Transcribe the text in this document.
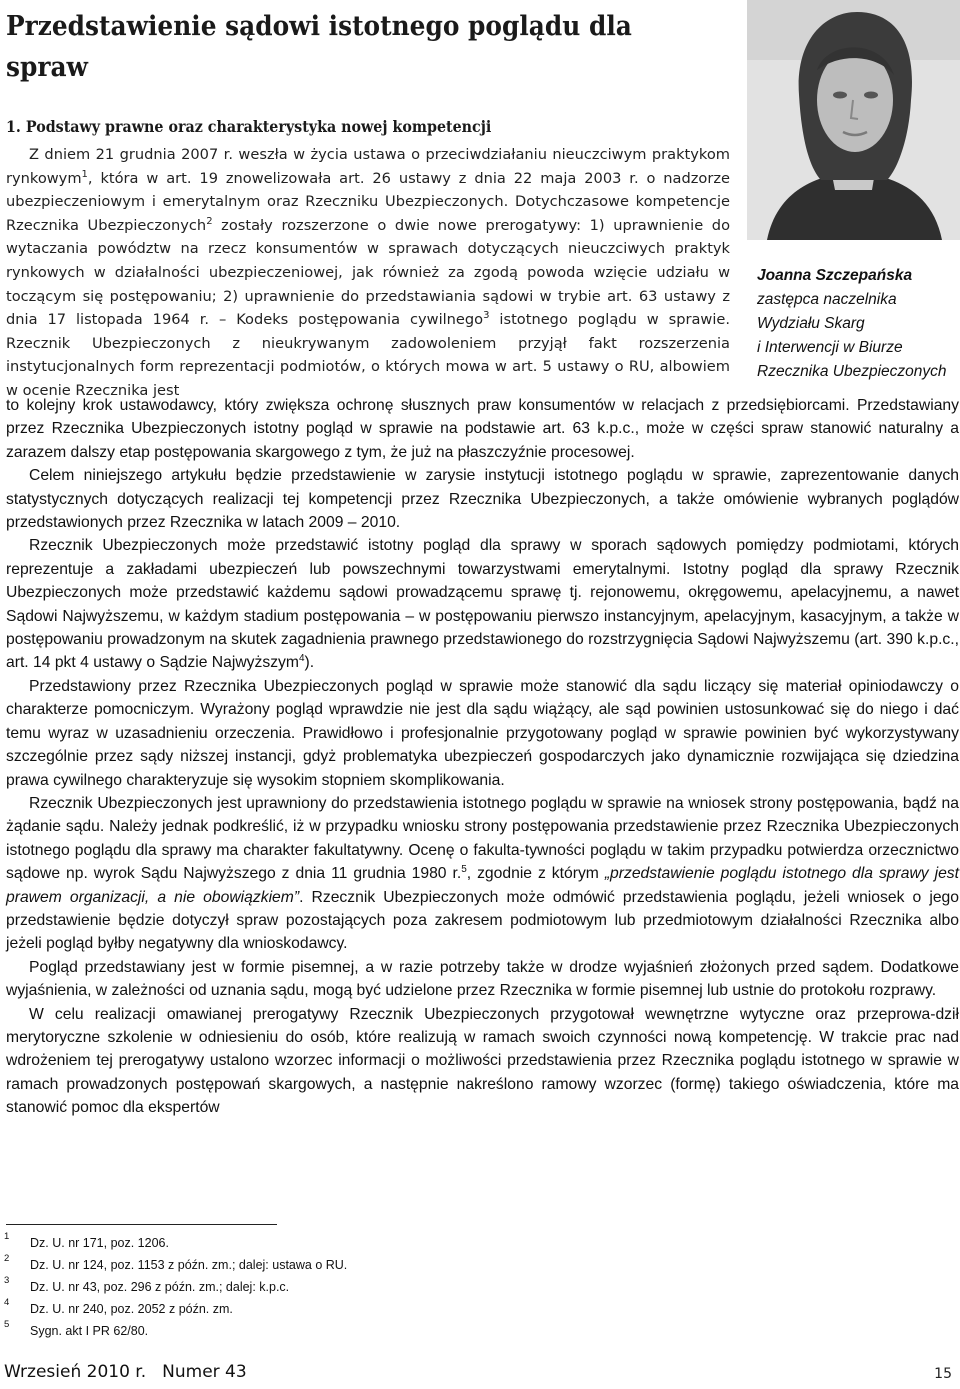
Przedstawienie sądowi istotnego poglądu dla spraw
1. Podstawy prawne oraz charakterystyka nowej kompetencji

Z dniem 21 grudnia 2007 r. weszła w życia ustawa o przeciwdziałaniu nieuczciwym praktykom rynkowym$^1$, która w art. 19 znowelizowała art. 26 ustawy z dnia 22 maja 2003 r. o nadzorze ubezpieczeniowym i emerytalnym oraz Rzeczniku Ubezpieczonych. Dotychczasowe kompetencje Rzecznika Ubezpieczonych$^2$ zostały rozszerzone o dwie nowe prerogatywy: 1) uprawnienie do wytaczania powództw na rzecz konsumentów w sprawach dotyczących nieuczciwych praktyk rynkowych w działalności ubezpieczeniowej, jak również za zgodą powoda wzięcie udziału w toczącym się postępowaniu; 2) uprawnienie do przedstawiania sądowi w trybie art. 63 ustawy z dnia 17 listopada 1964 r. – Kodeks postępowania cywilnego$^3$ istotnego poglądu w sprawie. Rzecznik Ubezpieczonych z nieukrywanym zadowoleniem przyjął fakt rozszerzenia instytucjonalnych form reprezentacji podmiotów, o których mowa w art. 5 ustawy o RU, albowiem w ocenie Rzecznika jest

Joanna Szczepańska
zastępca naczelnika
Wydziału Skarg
i Interwencji w Biurze
Rzecznika Ubezpieczonych

to kolejny krok ustawodawcy, który zwiększa ochronę słusznych praw konsumentów w relacjach z przedsiębiorcami. Przedstawiany przez Rzecznika Ubezpieczonych istotny pogląd w sprawie na podstawie art. 63 k.p.c., może w części spraw stanowić naturalny a zarazem dalszy etap postępowania skargowego z tym, że już na płaszczyźnie procesowej.

Celem niniejszego artykułu będzie przedstawienie w zarysie instytucji istotnego poglądu w sprawie, zaprezentowanie danych statystycznych dotyczących realizacji tej kompetencji przez Rzecznika Ubezpieczonych, a także omówienie wybranych poglądów przedstawionych przez Rzecznika w latach 2009 – 2010.

Rzecznik Ubezpieczonych może przedstawić istotny pogląd dla sprawy w sporach sądowych pomiędzy podmiotami, których reprezentuje a zakładami ubezpieczeń lub powszechnymi towarzystwami emerytalnymi. Istotny pogląd dla sprawy Rzecznik Ubezpieczonych może przedstawić każdemu sądowi prowadzącemu sprawę tj. rejonowemu, okręgowemu, apelacyjnemu, a nawet Sądowi Najwyższemu, w każdym stadium postępowania – w postępowaniu pierwszo instancyjnym, apelacyjnym, kasacyjnym, a także w postępowaniu prowadzonym na skutek zagadnienia prawnego przedstawionego do rozstrzygnięcia Sądowi Najwyższemu (art. 390 k.p.c., art. 14 pkt 4 ustawy o Sądzie Najwyższym$^4$).

Przedstawiony przez Rzecznika Ubezpieczonych pogląd w sprawie może stanowić dla sądu liczący się materiał opiniodawczy o charakterze pomocniczym. Wyrażony pogląd wprawdzie nie jest dla sądu wiążący, ale sąd powinien ustosunkować się do niego i dać temu wyraz w uzasadnieniu orzeczenia. Prawidłowo i profesjonalnie przygotowany pogląd w sprawie powinien być wykorzystywany szczególnie przez sądy niższej instancji, gdyż problematyka ubezpieczeń gospodarczych jako dynamicznie rozwijająca się dziedzina prawa cywilnego charakteryzuje się wysokim stopniem skomplikowania.

Rzecznik Ubezpieczonych jest uprawniony do przedstawienia istotnego poglądu w sprawie na wniosek strony postępowania, bądź na żądanie sądu. Należy jednak podkreślić, iż w przypadku wniosku strony postępowania przedstawienie przez Rzecznika Ubezpieczonych istotnego poglądu dla sprawy ma charakter fakultatywny. Ocenę o fakulta-tywności poglądu w takim przypadku potwierdza orzecznictwo sądowe np. wyrok Sądu Najwyższego z dnia 11 grudnia 1980 r.$^5$, zgodnie z którym „przedstawienie poglądu istotnego dla sprawy jest prawem organizacji, a nie obowiązkiem”. Rzecznik Ubezpieczonych może odmówić przedstawienia poglądu, jeżeli wniosek o jego przedstawienie będzie dotyczył spraw pozostających poza zakresem podmiotowym lub przedmiotowym działalności Rzecznika albo jeżeli pogląd byłby negatywny dla wnioskodawcy.

Pogląd przedstawiany jest w formie pisemnej, a w razie potrzeby także w drodze wyjaśnień złożonych przed sądem. Dodatkowe wyjaśnienia, w zależności od uznania sądu, mogą być udzielone przez Rzecznika w formie pisemnej lub ustnie do protokołu rozprawy.

W celu realizacji omawianej prerogatywy Rzecznik Ubezpieczonych przygotował wewnętrzne wytyczne oraz przeprowa-dził merytoryczne szkolenie w odniesieniu do osób, które realizują w ramach swoich czynności nową kompetencję. W trakcie prac nad wdrożeniem tej prerogatywy ustalono wzorzec informacji o możliwości przedstawienia przez Rzecznika poglądu istotnego w sprawie w ramach prowadzonych postępowań skargowych, a następnie nakreślono ramowy wzorzec (formę) takiego oświadczenia, które ma stanowić pomoc dla ekspertów

1 Dz. U. nr 171, poz. 1206.
2 Dz. U. nr 124, poz. 1153 z późn. zm.; dalej: ustawa o RU.
3 Dz. U. nr 43, poz. 296 z późn. zm.; dalej: k.p.c.
4 Dz. U. nr 240, poz. 2052 z późn. zm.
5 Sygn. akt I PR 62/80.
Wrzesień 2010 r. Numer 43	15
